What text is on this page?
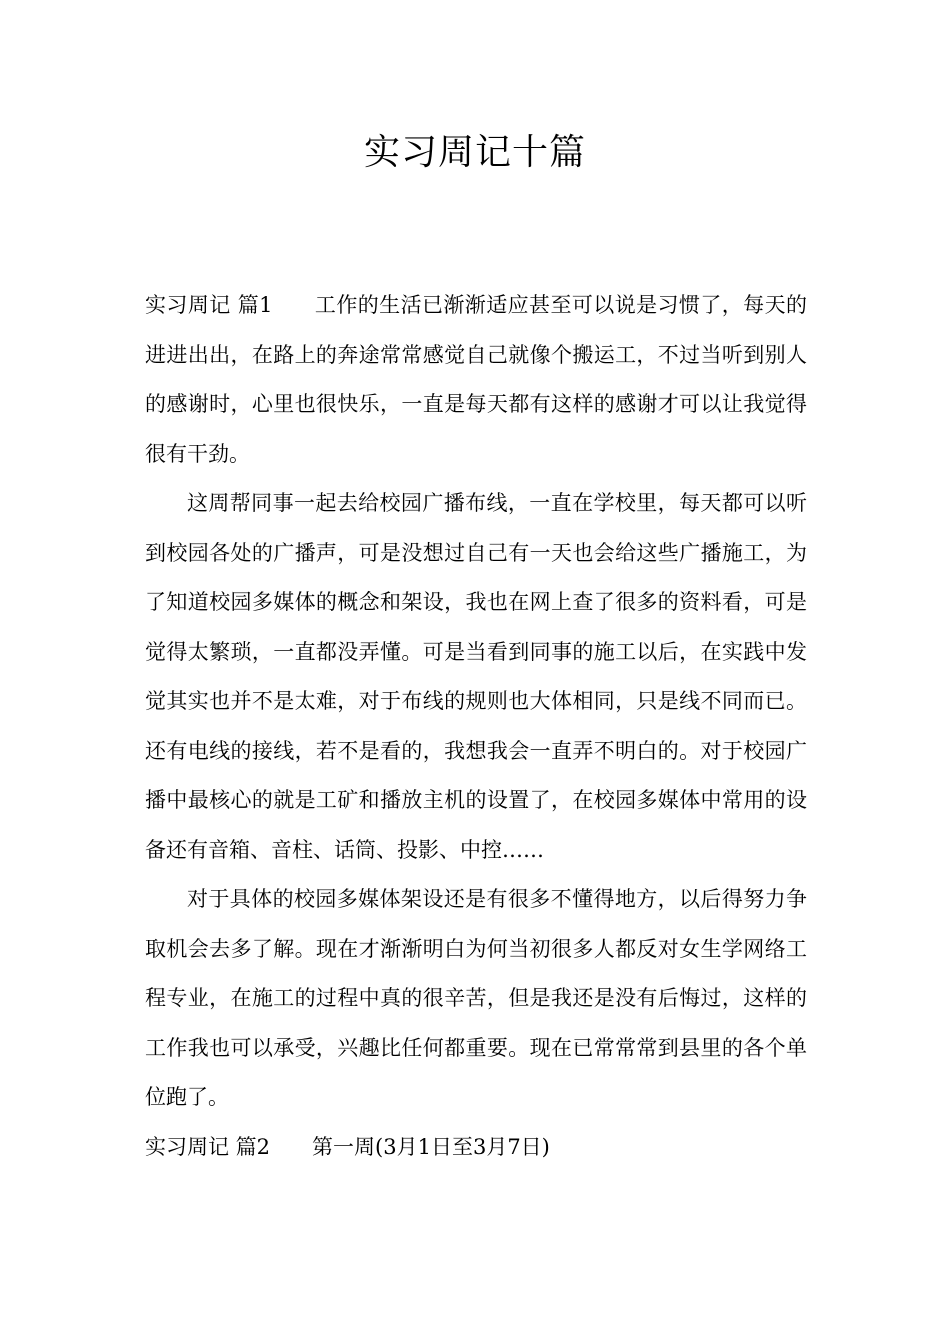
实习周记十篇

实习周记 篇1 工作的生活已渐渐适应甚至可以说是习惯了，每天的进进出出，在路上的奔途常常感觉自己就像个搬运工，不过当听到别人的感谢时，心里也很快乐，一直是每天都有这样的感谢才可以让我觉得很有干劲。

这周帮同事一起去给校园广播布线，一直在学校里，每天都可以听到校园各处的广播声，可是没想过自己有一天也会给这些广播施工，为了知道校园多媒体的概念和架设，我也在网上查了很多的资料看，可是觉得太繁琐，一直都没弄懂。可是当看到同事的施工以后，在实践中发觉其实也并不是太难，对于布线的规则也大体相同，只是线不同而已。还有电线的接线，若不是看的，我想我会一直弄不明白的。对于校园广播中最核心的就是工矿和播放主机的设置了，在校园多媒体中常用的设备还有音箱、音柱、话筒、投影、中控……

对于具体的校园多媒体架设还是有很多不懂得地方，以后得努力争取机会去多了解。现在才渐渐明白为何当初很多人都反对女生学网络工程专业，在施工的过程中真的很辛苦，但是我还是没有后悔过，这样的工作我也可以承受，兴趣比任何都重要。现在已常常常到县里的各个单位跑了。

实习周记 篇2 第一周(3月1日至3月7日)
